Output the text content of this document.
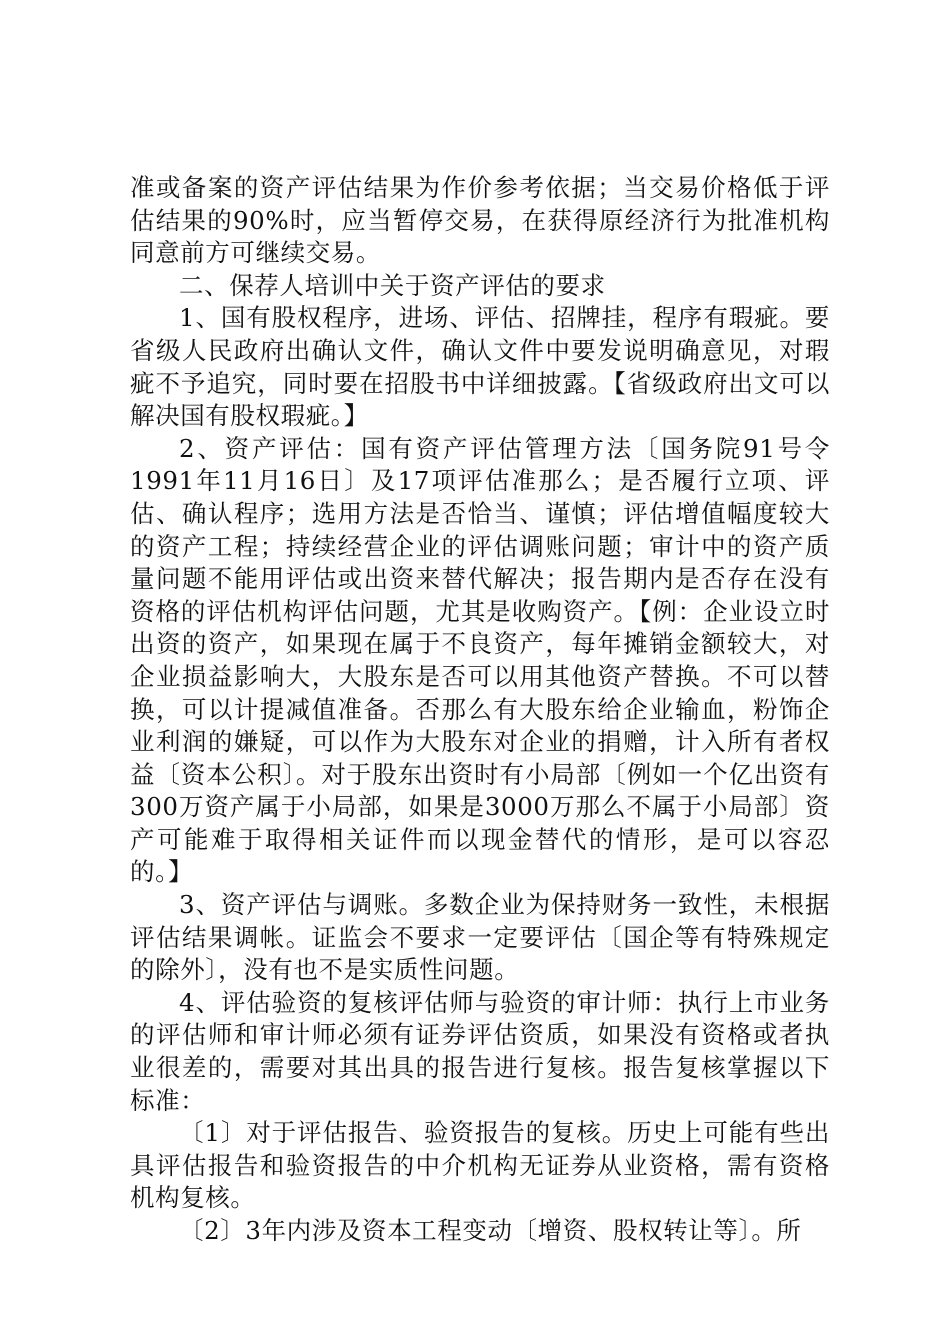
准或备案的资产评估结果为作价参考依据；当交易价格低于评估结果的90%时，应当暂停交易，在获得原经济行为批准机构同意前方可继续交易。

二、保荐人培训中关于资产评估的要求

1、国有股权程序，进场、评估、招牌挂，程序有瑕疵。要省级人民政府出确认文件，确认文件中要发说明确意见，对瑕疵不予追究，同时要在招股书中详细披露。【省级政府出文可以解决国有股权瑕疵。】

2、资产评估：国有资产评估管理方法〔国务院91号令1991年11月16日〕及17项评估准那么；是否履行立项、评估、确认程序；选用方法是否恰当、谨慎；评估增值幅度较大的资产工程；持续经营企业的评估调账问题；审计中的资产质量问题不能用评估或出资来替代解决；报告期内是否存在没有资格的评估机构评估问题，尤其是收购资产。【例：企业设立时出资的资产，如果现在属于不良资产，每年摊销金额较大，对企业损益影响大，大股东是否可以用其他资产替换。不可以替换，可以计提减值准备。否那么有大股东给企业输血，粉饰企业利润的嫌疑，可以作为大股东对企业的捐赠，计入所有者权益〔资本公积〕。对于股东出资时有小局部〔例如一个亿出资有300万资产属于小局部，如果是3000万那么不属于小局部〕资产可能难于取得相关证件而以现金替代的情形，是可以容忍的。】

3、资产评估与调账。多数企业为保持财务一致性，未根据评估结果调帐。证监会不要求一定要评估〔国企等有特殊规定的除外〕，没有也不是实质性问题。

4、评估验资的复核评估师与验资的审计师：执行上市业务的评估师和审计师必须有证券评估资质，如果没有资格或者执业很差的，需要对其出具的报告进行复核。报告复核掌握以下标准：

〔1〕对于评估报告、验资报告的复核。历史上可能有些出具评估报告和验资报告的中介机构无证券从业资格，需有资格机构复核。

〔2〕3年内涉及资本工程变动〔增资、股权转让等〕。所
